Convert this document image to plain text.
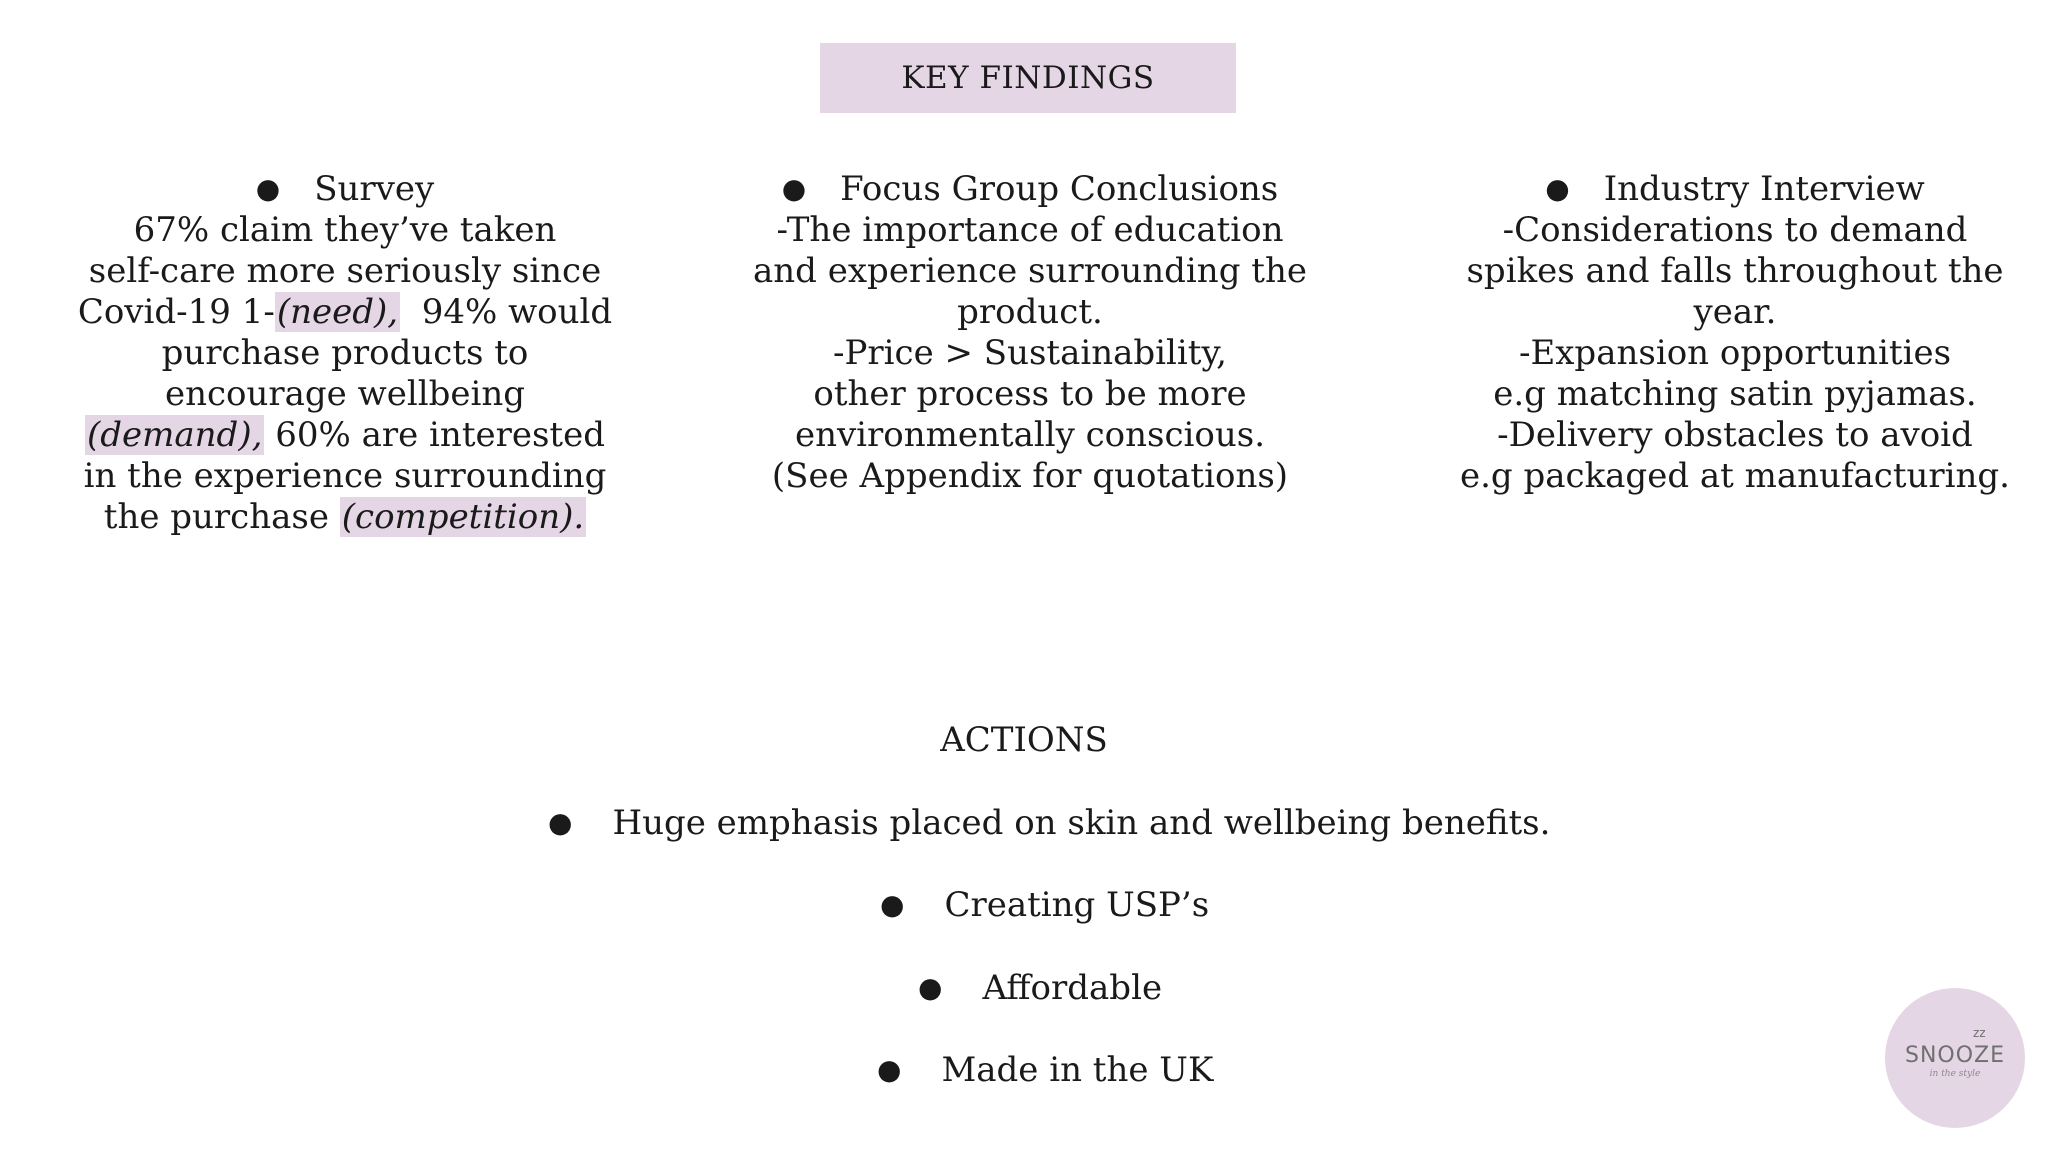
KEY FINDINGS
● Survey
67% claim they’ve taken
self-care more seriously since
Covid-19 1-(need),  94% would
purchase products to
encourage wellbeing
(demand), 60% are interested
in the experience surrounding
the purchase (competition).
● Focus Group Conclusions
-The importance of education
and experience surrounding the
product.
-Price > Sustainability,
other process to be more
environmentally conscious.
(See Appendix for quotations)
● Industry Interview
-Considerations to demand
spikes and falls throughout the
year.
-Expansion opportunities
e.g matching satin pyjamas.
-Delivery obstacles to avoid
e.g packaged at manufacturing.
ACTIONS
● Huge emphasis placed on skin and wellbeing benefits.
● Creating USP’s
● Affordable
● Made in the UK
zz
SNOOZE
in the style
